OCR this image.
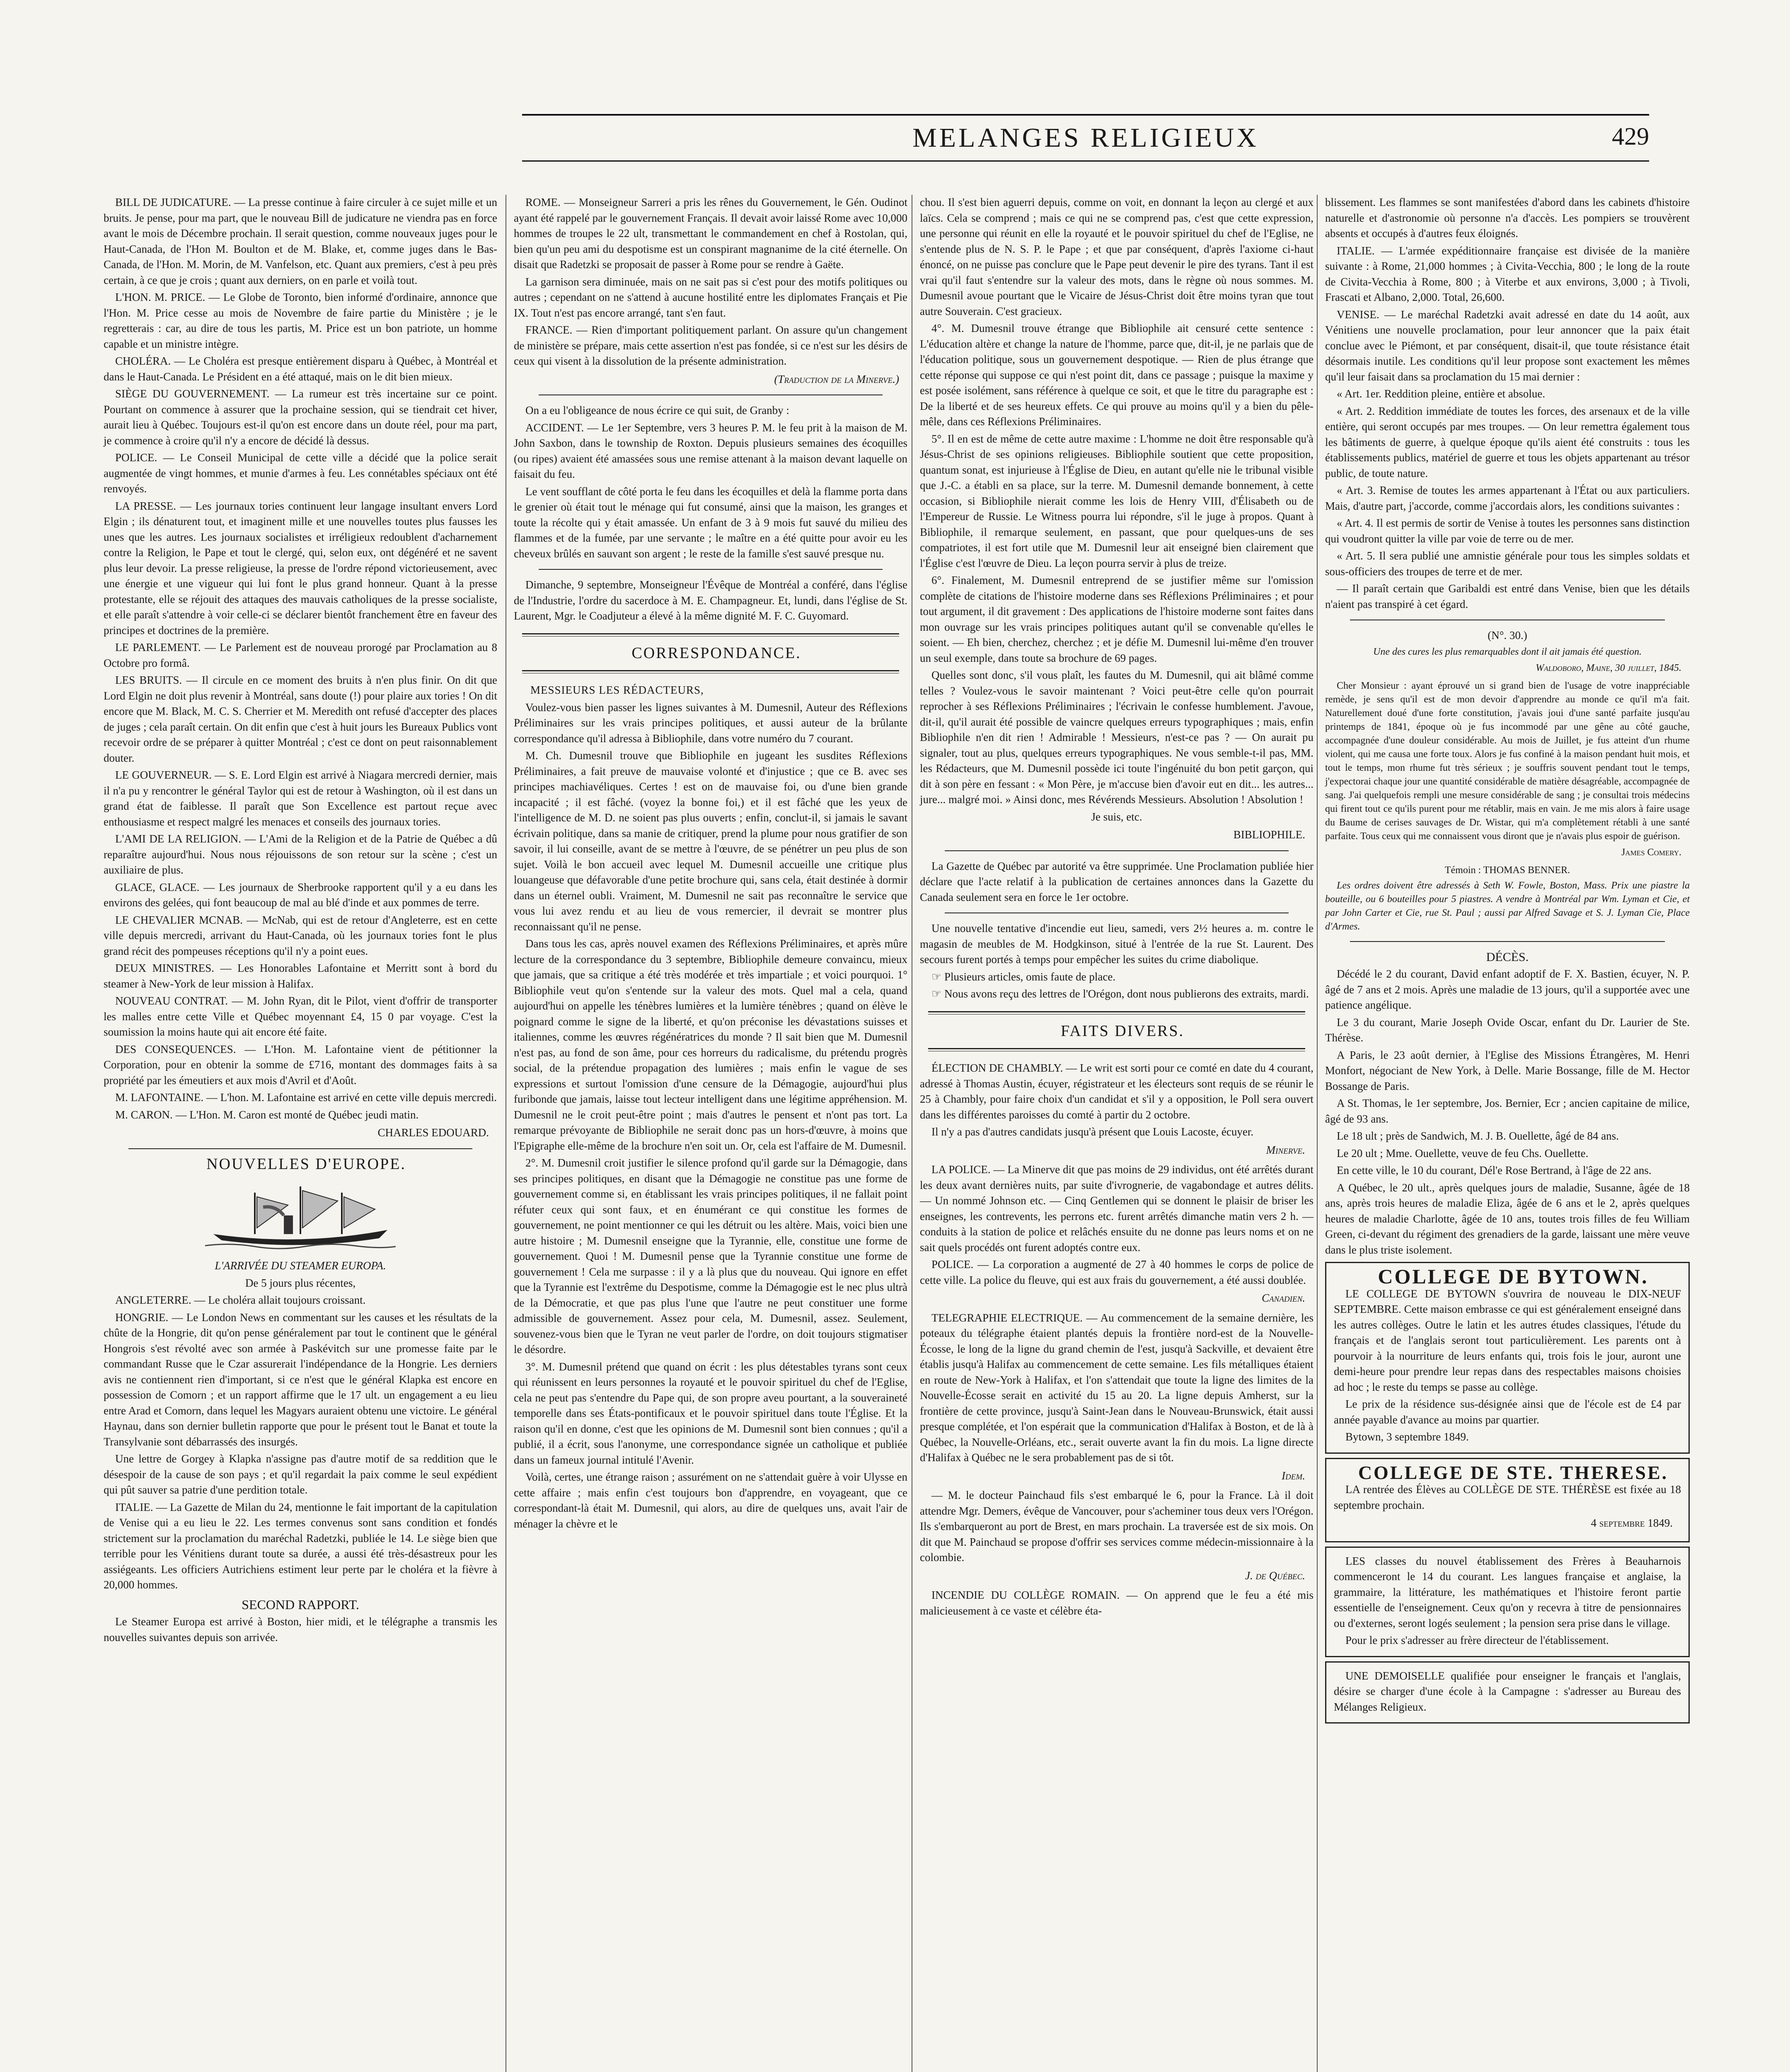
MELANGES RELIGIEUX	429

BILL DE JUDICATURE. — La presse continue à faire circuler à ce sujet mille et un bruits. Je pense, pour ma part, que le nouveau Bill de judicature ne viendra pas en force avant le mois de Décembre prochain. Il serait question, comme nouveaux juges pour le Haut-Canada, de l'Hon M. Boulton et de M. Blake, et, comme juges dans le Bas-Canada, de l'Hon. M. Morin, de M. Vanfelson, etc. Quant aux premiers, c'est à peu près certain, à ce que je crois ; quant aux derniers, on en parle et voilà tout.

L'HON. M. PRICE. — Le Globe de Toronto, bien informé d'ordinaire, annonce que l'Hon. M. Price cesse au mois de Novembre de faire partie du Ministère ; je le regretterais : car, au dire de tous les partis, M. Price est un bon patriote, un homme capable et un ministre intègre.

CHOLÉRA. — Le Choléra est presque entièrement disparu à Québec, à Montréal et dans le Haut-Canada. Le Président en a été attaqué, mais on le dit bien mieux.

SIÈGE DU GOUVERNEMENT. — La rumeur est très incertaine sur ce point. Pourtant on commence à assurer que la prochaine session, qui se tiendrait cet hiver, aurait lieu à Québec. Toujours est-il qu'on est encore dans un doute réel, pour ma part, je commence à croire qu'il n'y a encore de décidé là dessus.

POLICE. — Le Conseil Municipal de cette ville a décidé que la police serait augmentée de vingt hommes, et munie d'armes à feu. Les connétables spéciaux ont été renvoyés.

LA PRESSE. — Les journaux tories continuent leur langage insultant envers Lord Elgin ; ils dénaturent tout, et imaginent mille et une nouvelles toutes plus fausses les unes que les autres. Les journaux socialistes et irréligieux redoublent d'acharnement contre la Religion, le Pape et tout le clergé, qui, selon eux, ont dégénéré et ne savent plus leur devoir. La presse religieuse, la presse de l'ordre répond victorieusement, avec une énergie et une vigueur qui lui font le plus grand honneur. Quant à la presse protestante, elle se réjouit des attaques des mauvais catholiques de la presse socialiste, et elle paraît s'attendre à voir celle-ci se déclarer bientôt franchement être en faveur des principes et doctrines de la première.

LE PARLEMENT. — Le Parlement est de nouveau prorogé par Proclamation au 8 Octobre pro formâ.

LES BRUITS. — Il circule en ce moment des bruits à n'en plus finir. On dit que Lord Elgin ne doit plus revenir à Montréal, sans doute (!) pour plaire aux tories ! On dit encore que M. Black, M. C. S. Cherrier et M. Meredith ont refusé d'accepter des places de juges ; cela paraît certain. On dit enfin que c'est à huit jours les Bureaux Publics vont recevoir ordre de se préparer à quitter Montréal ; c'est ce dont on peut raisonnablement douter.

LE GOUVERNEUR. — S. E. Lord Elgin est arrivé à Niagara mercredi dernier, mais il n'a pu y rencontrer le général Taylor qui est de retour à Washington, où il est dans un grand état de faiblesse. Il paraît que Son Excellence est partout reçue avec enthousiasme et respect malgré les menaces et conseils des journaux tories.

L'AMI DE LA RELIGION. — L'Ami de la Religion et de la Patrie de Québec a dû reparaître aujourd'hui. Nous nous réjouissons de son retour sur la scène ; c'est un auxiliaire de plus.

GLACE, GLACE. — Les journaux de Sherbrooke rapportent qu'il y a eu dans les environs des gelées, qui font beaucoup de mal au blé d'inde et aux pommes de terre.

LE CHEVALIER MCNAB. — McNab, qui est de retour d'Angleterre, est en cette ville depuis mercredi, arrivant du Haut-Canada, où les journaux tories font le plus grand récit des pompeuses réceptions qu'il n'y a point eues.

DEUX MINISTRES. — Les Honorables Lafontaine et Merritt sont à bord du steamer à New-York de leur mission à Halifax.

NOUVEAU CONTRAT. — M. John Ryan, dit le Pilot, vient d'offrir de transporter les malles entre cette Ville et Québec moyennant £4, 15 0 par voyage. C'est la soumission la moins haute qui ait encore été faite.

DES CONSEQUENCES. — L'Hon. M. Lafontaine vient de pétitionner la Corporation, pour en obtenir la somme de £716, montant des dommages faits à sa propriété par les émeutiers et aux mois d'Avril et d'Août.

M. LAFONTAINE. — L'hon. M. Lafontaine est arrivé en cette ville depuis mercredi.

M. CARON. — L'Hon. M. Caron est monté de Québec jeudi matin.

CHARLES EDOUARD.

NOUVELLES D'EUROPE.

L'ARRIVÉE DU STEAMER EUROPA.

De 5 jours plus récentes,

ANGLETERRE. — Le choléra allait toujours croissant.

HONGRIE. — Le London News en commentant sur les causes et les résultats de la chûte de la Hongrie, dit qu'on pense généralement par tout le continent que le général Hongrois s'est révolté avec son armée à Paskévitch sur une promesse faite par le commandant Russe que le Czar assurerait l'indépendance de la Hongrie. Les derniers avis ne contiennent rien d'important, si ce n'est que le général Klapka est encore en possession de Comorn ; et un rapport affirme que le 17 ult. un engagement a eu lieu entre Arad et Comorn, dans lequel les Magyars auraient obtenu une victoire. Le général Haynau, dans son dernier bulletin rapporte que pour le présent tout le Banat et toute la Transylvanie sont débarrassés des insurgés.

Une lettre de Gorgey à Klapka n'assigne pas d'autre motif de sa reddition que le désespoir de la cause de son pays ; et qu'il regardait la paix comme le seul expédient qui pût sauver sa patrie d'une perdition totale.

ITALIE. — La Gazette de Milan du 24, mentionne le fait important de la capitulation de Venise qui a eu lieu le 22. Les termes convenus sont sans condition et fondés strictement sur la proclamation du maréchal Radetzki, publiée le 14. Le siège bien que terrible pour les Vénitiens durant toute sa durée, a aussi été très-désastreux pour les assiégeants. Les officiers Autrichiens estiment leur perte par le choléra et la fièvre à 20,000 hommes.

SECOND RAPPORT.

Le Steamer Europa est arrivé à Boston, hier midi, et le télégraphe a transmis les nouvelles suivantes depuis son arrivée.

ROME. — Monseigneur Sarreri a pris les rênes du Gouvernement, le Gén. Oudinot ayant été rappelé par le gouvernement Français. Il devait avoir laissé Rome avec 10,000 hommes de troupes le 22 ult, transmettant le commandement en chef à Rostolan, qui, bien qu'un peu ami du despotisme est un conspirant magnanime de la cité éternelle. On disait que Radetzki se proposait de passer à Rome pour se rendre à Gaëte.

La garnison sera diminuée, mais on ne sait pas si c'est pour des motifs politiques ou autres ; cependant on ne s'attend à aucune hostilité entre les diplomates Français et Pie IX. Tout n'est pas encore arrangé, tant s'en faut.

FRANCE. — Rien d'important politiquement parlant. On assure qu'un changement de ministère se prépare, mais cette assertion n'est pas fondée, si ce n'est sur les désirs de ceux qui visent à la dissolution de la présente administration.

(Traduction de la Minerve.)

On a eu l'obligeance de nous écrire ce qui suit, de Granby :

ACCIDENT. — Le 1er Septembre, vers 3 heures P. M. le feu prit à la maison de M. John Saxbon, dans le township de Roxton. Depuis plusieurs semaines des écoquilles (ou ripes) avaient été amassées sous une remise attenant à la maison devant laquelle on faisait du feu.

Le vent soufflant de côté porta le feu dans les écoquilles et delà la flamme porta dans le grenier où était tout le ménage qui fut consumé, ainsi que la maison, les granges et toute la récolte qui y était amassée. Un enfant de 3 à 9 mois fut sauvé du milieu des flammes et de la fumée, par une servante ; le maître en a été quitte pour avoir eu les cheveux brûlés en sauvant son argent ; le reste de la famille s'est sauvé presque nu.

Dimanche, 9 septembre, Monseigneur l'Évêque de Montréal a conféré, dans l'église de l'Industrie, l'ordre du sacerdoce à M. E. Champagneur. Et, lundi, dans l'église de St. Laurent, Mgr. le Coadjuteur a élevé à la même dignité M. F. C. Guyomard.

CORRESPONDANCE.

MESSIEURS LES RÉDACTEURS,

Voulez-vous bien passer les lignes suivantes à M. Dumesnil, Auteur des Réflexions Préliminaires sur les vrais principes politiques, et aussi auteur de la brûlante correspondance qu'il adressa à Bibliophile, dans votre numéro du 7 courant.

M. Ch. Dumesnil trouve que Bibliophile en jugeant les susdites Réflexions Préliminaires, a fait preuve de mauvaise volonté et d'injustice ; que ce B. avec ses principes machiavéliques. Certes ! est on de mauvaise foi, ou d'une bien grande incapacité ; il est fâché. (voyez la bonne foi,) et il est fâché que les yeux de l'intelligence de M. D. ne soient pas plus ouverts ; enfin, conclut-il, si jamais le savant écrivain politique, dans sa manie de critiquer, prend la plume pour nous gratifier de son savoir, il lui conseille, avant de se mettre à l'œuvre, de se pénétrer un peu plus de son sujet. Voilà le bon accueil avec lequel M. Dumesnil accueille une critique plus louangeuse que défavorable d'une petite brochure qui, sans cela, était destinée à dormir dans un éternel oubli. Vraiment, M. Dumesnil ne sait pas reconnaître le service que vous lui avez rendu et au lieu de vous remercier, il devrait se montrer plus reconnaissant qu'il ne pense.

Dans tous les cas, après nouvel examen des Réflexions Préliminaires, et après mûre lecture de la correspondance du 3 septembre, Bibliophile demeure convaincu, mieux que jamais, que sa critique a été très modérée et très impartiale ; et voici pourquoi. 1° Bibliophile veut qu'on s'entende sur la valeur des mots. Quel mal a cela, quand aujourd'hui on appelle les ténèbres lumières et la lumière ténèbres ; quand on élève le poignard comme le signe de la liberté, et qu'on préconise les dévastations suisses et italiennes, comme les œuvres régénératrices du monde ? Il sait bien que M. Dumesnil n'est pas, au fond de son âme, pour ces horreurs du radicalisme, du prétendu progrès social, de la prétendue propagation des lumières ; mais enfin le vague de ses expressions et surtout l'omission d'une censure de la Démagogie, aujourd'hui plus furibonde que jamais, laisse tout lecteur intelligent dans une légitime appréhension. M. Dumesnil ne le croit peut-être point ; mais d'autres le pensent et n'ont pas tort. La remarque prévoyante de Bibliophile ne serait donc pas un hors-d'œuvre, à moins que l'Epigraphe elle-même de la brochure n'en soit un. Or, cela est l'affaire de M. Dumesnil.

2°. M. Dumesnil croit justifier le silence profond qu'il garde sur la Démagogie, dans ses principes politiques, en disant que la Démagogie ne constitue pas une forme de gouvernement comme si, en établissant les vrais principes politiques, il ne fallait point réfuter ceux qui sont faux, et en énumérant ce qui constitue les formes de gouvernement, ne point mentionner ce qui les détruit ou les altère. Mais, voici bien une autre histoire ; M. Dumesnil enseigne que la Tyrannie, elle, constitue une forme de gouvernement. Quoi ! M. Dumesnil pense que la Tyrannie constitue une forme de gouvernement ! Cela me surpasse : il y a là plus que du nouveau. Qui ignore en effet que la Tyrannie est l'extrême du Despotisme, comme la Démagogie est le nec plus ultrà de la Démocratie, et que pas plus l'une que l'autre ne peut constituer une forme admissible de gouvernement. Assez pour cela, M. Dumesnil, assez. Seulement, souvenez-vous bien que le Tyran ne veut parler de l'ordre, on doit toujours stigmatiser le désordre.

3°. M. Dumesnil prétend que quand on écrit : les plus détestables tyrans sont ceux qui réunissent en leurs personnes la royauté et le pouvoir spirituel du chef de l'Eglise, cela ne peut pas s'entendre du Pape qui, de son propre aveu pourtant, a la souveraineté temporelle dans ses États-pontificaux et le pouvoir spirituel dans toute l'Église. Et la raison qu'il en donne, c'est que les opinions de M. Dumesnil sont bien connues ; qu'il a publié, il a écrit, sous l'anonyme, une correspondance signée un catholique et publiée dans un fameux journal intitulé l'Avenir.

Voilà, certes, une étrange raison ; assurément on ne s'attendait guère à voir Ulysse en cette affaire ; mais enfin c'est toujours bon d'apprendre, en voyageant, que ce correspondant-là était M. Dumesnil, qui alors, au dire de quelques uns, avait l'air de ménager la chèvre et le

chou. Il s'est bien aguerri depuis, comme on voit, en donnant la leçon au clergé et aux laïcs. Cela se comprend ; mais ce qui ne se comprend pas, c'est que cette expression, une personne qui réunit en elle la royauté et le pouvoir spirituel du chef de l'Eglise, ne s'entende plus de N. S. P. le Pape ; et que par conséquent, d'après l'axiome ci-haut énoncé, on ne puisse pas conclure que le Pape peut devenir le pire des tyrans. Tant il est vrai qu'il faut s'entendre sur la valeur des mots, dans le règne où nous sommes. M. Dumesnil avoue pourtant que le Vicaire de Jésus-Christ doit être moins tyran que tout autre Souverain. C'est gracieux.

4°. M. Dumesnil trouve étrange que Bibliophile ait censuré cette sentence : L'éducation altère et change la nature de l'homme, parce que, dit-il, je ne parlais que de l'éducation politique, sous un gouvernement despotique. — Rien de plus étrange que cette réponse qui suppose ce qui n'est point dit, dans ce passage ; puisque la maxime y est posée isolément, sans référence à quelque ce soit, et que le titre du paragraphe est : De la liberté et de ses heureux effets. Ce qui prouve au moins qu'il y a bien du pêle-mêle, dans ces Réflexions Préliminaires.

5°. Il en est de même de cette autre maxime : L'homme ne doit être responsable qu'à Jésus-Christ de ses opinions religieuses. Bibliophile soutient que cette proposition, quantum sonat, est injurieuse à l'Église de Dieu, en autant qu'elle nie le tribunal visible que J.-C. a établi en sa place, sur la terre. M. Dumesnil demande bonnement, à cette occasion, si Bibliophile nierait comme les lois de Henry VIII, d'Élisabeth ou de l'Empereur de Russie. Le Witness pourra lui répondre, s'il le juge à propos. Quant à Bibliophile, il remarque seulement, en passant, que pour quelques-uns de ses compatriotes, il est fort utile que M. Dumesnil leur ait enseigné bien clairement que l'Église c'est l'œuvre de Dieu. La leçon pourra servir à plus de treize.

6°. Finalement, M. Dumesnil entreprend de se justifier même sur l'omission complète de citations de l'histoire moderne dans ses Réflexions Préliminaires ; et pour tout argument, il dit gravement : Des applications de l'histoire moderne sont faites dans mon ouvrage sur les vrais principes politiques autant qu'il se convenable qu'elles le soient. — Eh bien, cherchez, cherchez ; et je défie M. Dumesnil lui-même d'en trouver un seul exemple, dans toute sa brochure de 69 pages.

Quelles sont donc, s'il vous plaît, les fautes du M. Dumesnil, qui ait blâmé comme telles ? Voulez-vous le savoir maintenant ? Voici peut-être celle qu'on pourrait reprocher à ses Réflexions Préliminaires ; l'écrivain le confesse humblement. J'avoue, dit-il, qu'il aurait été possible de vaincre quelques erreurs typographiques ; mais, enfin Bibliophile n'en dit rien ! Admirable ! Messieurs, n'est-ce pas ? — On aurait pu signaler, tout au plus, quelques erreurs typographiques. Ne vous semble-t-il pas, MM. les Rédacteurs, que M. Dumesnil possède ici toute l'ingénuité du bon petit garçon, qui dit à son père en fessant : « Mon Père, je m'accuse bien d'avoir eut en dit... les autres... jure... malgré moi. » Ainsi donc, mes Révérends Messieurs. Absolution ! Absolution !

Je suis, etc.

BIBLIOPHILE.

La Gazette de Québec par autorité va être supprimée. Une Proclamation publiée hier déclare que l'acte relatif à la publication de certaines annonces dans la Gazette du Canada seulement sera en force le 1er octobre.

Une nouvelle tentative d'incendie eut lieu, samedi, vers 2½ heures a. m. contre le magasin de meubles de M. Hodgkinson, situé à l'entrée de la rue St. Laurent. Des secours furent portés à temps pour empêcher les suites du crime diabolique.

☞ Plusieurs articles, omis faute de place.

☞ Nous avons reçu des lettres de l'Orégon, dont nous publierons des extraits, mardi.

FAITS DIVERS.

ÉLECTION DE CHAMBLY. — Le writ est sorti pour ce comté en date du 4 courant, adressé à Thomas Austin, écuyer, régistrateur et les électeurs sont requis de se réunir le 25 à Chambly, pour faire choix d'un candidat et s'il y a opposition, le Poll sera ouvert dans les différentes paroisses du comté à partir du 2 octobre.

Il n'y a pas d'autres candidats jusqu'à présent que Louis Lacoste, écuyer.

Minerve.

LA POLICE. — La Minerve dit que pas moins de 29 individus, ont été arrêtés durant les deux avant dernières nuits, par suite d'ivrognerie, de vagabondage et autres délits. — Un nommé Johnson etc. — Cinq Gentlemen qui se donnent le plaisir de briser les enseignes, les contrevents, les perrons etc. furent arrêtés dimanche matin vers 2 h. — conduits à la station de police et relâchés ensuite du ne donne pas leurs noms et on ne sait quels procédés ont furent adoptés contre eux.

POLICE. — La corporation a augmenté de 27 à 40 hommes le corps de police de cette ville. La police du fleuve, qui est aux frais du gouvernement, a été aussi doublée.

Canadien.

TELEGRAPHIE ELECTRIQUE. — Au commencement de la semaine dernière, les poteaux du télégraphe étaient plantés depuis la frontière nord-est de la Nouvelle-Écosse, le long de la ligne du grand chemin de l'est, jusqu'à Sackville, et devaient être établis jusqu'à Halifax au commencement de cette semaine. Les fils métalliques étaient en route de New-York à Halifax, et l'on s'attendait que toute la ligne des limites de la Nouvelle-Écosse serait en activité du 15 au 20. La ligne depuis Amherst, sur la frontière de cette province, jusqu'à Saint-Jean dans le Nouveau-Brunswick, était aussi presque complétée, et l'on espérait que la communication d'Halifax à Boston, et de là à Québec, la Nouvelle-Orléans, etc., serait ouverte avant la fin du mois. La ligne directe d'Halifax à Québec ne le sera probablement pas de si tôt.

Idem.

— M. le docteur Painchaud fils s'est embarqué le 6, pour la France. Là il doit attendre Mgr. Demers, évêque de Vancouver, pour s'acheminer tous deux vers l'Orégon. Ils s'embarqueront au port de Brest, en mars prochain. La traversée est de six mois. On dit que M. Painchaud se propose d'offrir ses services comme médecin-missionnaire à la colombie.

J. de Québec.

INCENDIE DU COLLÈGE ROMAIN. — On apprend que le feu a été mis malicieusement à ce vaste et célèbre éta-

blissement. Les flammes se sont manifestées d'abord dans les cabinets d'histoire naturelle et d'astronomie où personne n'a d'accès. Les pompiers se trouvèrent absents et occupés à d'autres feux éloignés.

ITALIE. — L'armée expéditionnaire française est divisée de la manière suivante : à Rome, 21,000 hommes ; à Civita-Vecchia, 800 ; le long de la route de Civita-Vecchia à Rome, 800 ; à Viterbe et aux environs, 3,000 ; à Tivoli, Frascati et Albano, 2,000. Total, 26,600.

VENISE. — Le maréchal Radetzki avait adressé en date du 14 août, aux Vénitiens une nouvelle proclamation, pour leur annoncer que la paix était conclue avec le Piémont, et par conséquent, disait-il, que toute résistance était désormais inutile. Les conditions qu'il leur propose sont exactement les mêmes qu'il leur faisait dans sa proclamation du 15 mai dernier :

« Art. 1er. Reddition pleine, entière et absolue.

« Art. 2. Reddition immédiate de toutes les forces, des arsenaux et de la ville entière, qui seront occupés par mes troupes. — On leur remettra également tous les bâtiments de guerre, à quelque époque qu'ils aient été construits : tous les établissements publics, matériel de guerre et tous les objets appartenant au trésor public, de toute nature.

« Art. 3. Remise de toutes les armes appartenant à l'État ou aux particuliers. Mais, d'autre part, j'accorde, comme j'accordais alors, les conditions suivantes :

« Art. 4. Il est permis de sortir de Venise à toutes les personnes sans distinction qui voudront quitter la ville par voie de terre ou de mer.

« Art. 5. Il sera publié une amnistie générale pour tous les simples soldats et sous-officiers des troupes de terre et de mer.

— Il paraît certain que Garibaldi est entré dans Venise, bien que les détails n'aient pas transpiré à cet égard.

(N°. 30.)

Une des cures les plus remarquables dont il ait jamais été question.

Waldoboro, Maine, 30 juillet, 1845.

Cher Monsieur : ayant éprouvé un si grand bien de l'usage de votre inappréciable remède, je sens qu'il est de mon devoir d'apprendre au monde ce qu'il m'a fait. Naturellement doué d'une forte constitution, j'avais joui d'une santé parfaite jusqu'au printemps de 1841, époque où je fus incommodé par une gêne au côté gauche, accompagnée d'une douleur considérable. Au mois de Juillet, je fus atteint d'un rhume violent, qui me causa une forte toux. Alors je fus confiné à la maison pendant huit mois, et tout le temps, mon rhume fut très sérieux ; je souffris souvent pendant tout le temps, j'expectorai chaque jour une quantité considérable de matière désagréable, accompagnée de sang. J'ai quelquefois rempli une mesure considérable de sang ; je consultai trois médecins qui firent tout ce qu'ils purent pour me rétablir, mais en vain. Je me mis alors à faire usage du Baume de cerises sauvages de Dr. Wistar, qui m'a complètement rétabli à une santé parfaite. Tous ceux qui me connaissent vous diront que je n'avais plus espoir de guérison.

James Comery.

Témoin : THOMAS BENNER.

Les ordres doivent être adressés à Seth W. Fowle, Boston, Mass. Prix une piastre la bouteille, ou 6 bouteilles pour 5 piastres. A vendre à Montréal par Wm. Lyman et Cie, et par John Carter et Cie, rue St. Paul ; aussi par Alfred Savage et S. J. Lyman Cie, Place d'Armes.

DÉCÈS.

Décédé le 2 du courant, David enfant adoptif de F. X. Bastien, écuyer, N. P. âgé de 7 ans et 2 mois. Après une maladie de 13 jours, qu'il a supportée avec une patience angélique.

Le 3 du courant, Marie Joseph Ovide Oscar, enfant du Dr. Laurier de Ste. Thérèse.

A Paris, le 23 août dernier, à l'Eglise des Missions Étrangères, M. Henri Monfort, négociant de New York, à Delle. Marie Bossange, fille de M. Hector Bossange de Paris.

A St. Thomas, le 1er septembre, Jos. Bernier, Ecr ; ancien capitaine de milice, âgé de 93 ans.

Le 18 ult ; près de Sandwich, M. J. B. Ouellette, âgé de 84 ans.

Le 20 ult ; Mme. Ouellette, veuve de feu Chs. Ouellette.

En cette ville, le 10 du courant, Dél'e Rose Bertrand, à l'âge de 22 ans.

A Québec, le 20 ult., après quelques jours de maladie, Susanne, âgée de 18 ans, après trois heures de maladie Eliza, âgée de 6 ans et le 2, après quelques heures de maladie Charlotte, âgée de 10 ans, toutes trois filles de feu William Green, ci-devant du régiment des grenadiers de la garde, laissant une mère veuve dans le plus triste isolement.

COLLEGE DE BYTOWN.

LE COLLEGE DE BYTOWN s'ouvrira de nouveau le DIX-NEUF SEPTEMBRE. Cette maison embrasse ce qui est généralement enseigné dans les autres collèges. Outre le latin et les autres études classiques, l'étude du français et de l'anglais seront tout particulièrement. Les parents ont à pourvoir à la nourriture de leurs enfants qui, trois fois le jour, auront une demi-heure pour prendre leur repas dans des respectables maisons choisies ad hoc ; le reste du temps se passe au collège.

Le prix de la résidence sus-désignée ainsi que de l'école est de £4 par année payable d'avance au moins par quartier.

Bytown, 3 septembre 1849.

COLLEGE DE STE. THERESE.

LA rentrée des Élèves au COLLÈGE DE STE. THÉRÈSE est fixée au 18 septembre prochain.

4 septembre 1849.

LES classes du nouvel établissement des Frères à Beauharnois commenceront le 14 du courant. Les langues française et anglaise, la grammaire, la littérature, les mathématiques et l'histoire feront partie essentielle de l'enseignement. Ceux qu'on y recevra à titre de pensionnaires ou d'externes, seront logés seulement ; la pension sera prise dans le village.

Pour le prix s'adresser au frère directeur de l'établissement.

UNE DEMOISELLE qualifiée pour enseigner le français et l'anglais, désire se charger d'une école à la Campagne : s'adresser au Bureau des Mélanges Religieux.
